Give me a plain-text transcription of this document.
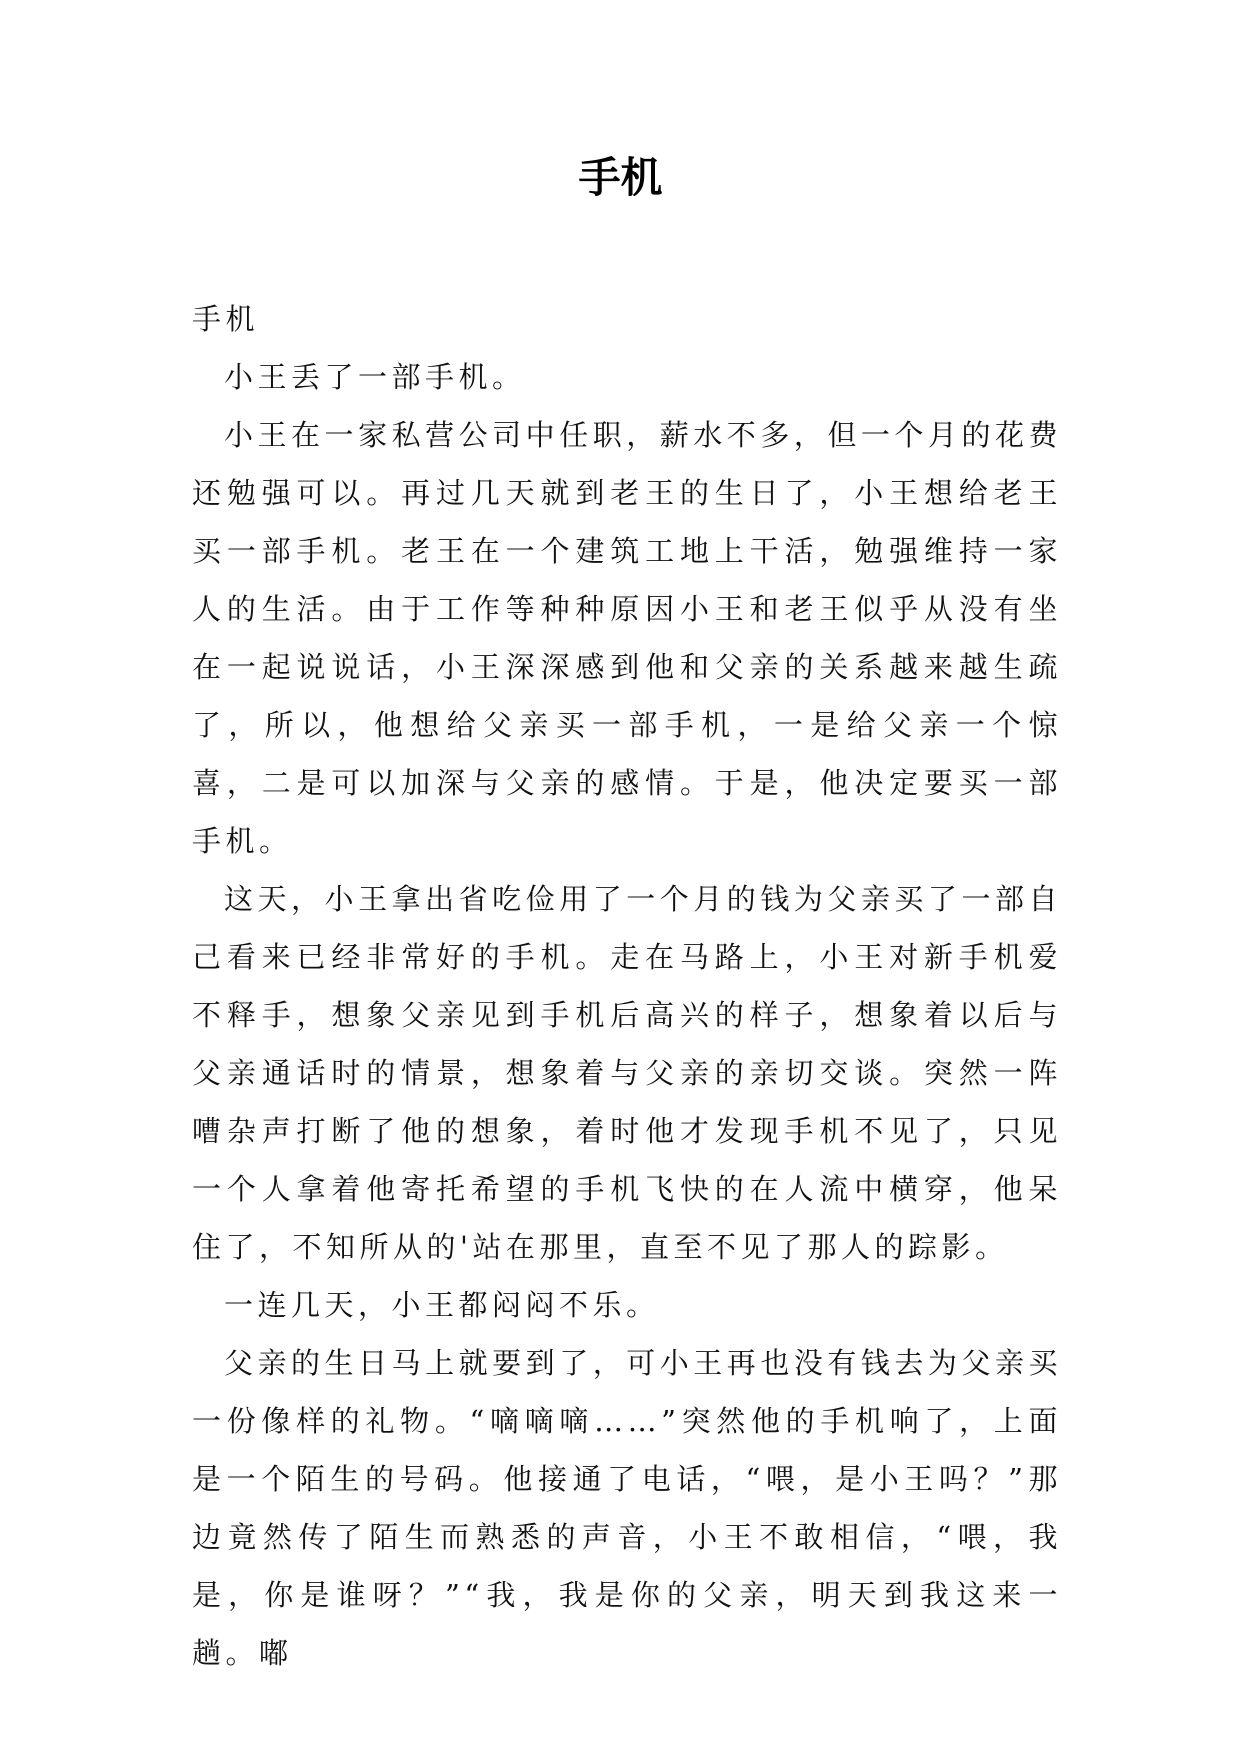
手机

手机

小王丢了一部手机。

小王在一家私营公司中任职，薪水不多，但一个月的花费还勉强可以。再过几天就到老王的生日了，小王想给老王买一部手机。老王在一个建筑工地上干活，勉强维持一家人的生活。由于工作等种种原因小王和老王似乎从没有坐在一起说说话，小王深深感到他和父亲的关系越来越生疏了，所以，他想给父亲买一部手机，一是给父亲一个惊喜，二是可以加深与父亲的感情。于是，他决定要买一部手机。

这天，小王拿出省吃俭用了一个月的钱为父亲买了一部自己看来已经非常好的手机。走在马路上，小王对新手机爱不释手，想象父亲见到手机后高兴的样子，想象着以后与父亲通话时的情景，想象着与父亲的亲切交谈。突然一阵嘈杂声打断了他的想象，着时他才发现手机不见了，只见一个人拿着他寄托希望的手机飞快的在人流中横穿，他呆住了，不知所从的'站在那里，直至不见了那人的踪影。

一连几天，小王都闷闷不乐。

父亲的生日马上就要到了，可小王再也没有钱去为父亲买一份像样的礼物。“嘀嘀嘀……”突然他的手机响了，上面是一个陌生的号码。他接通了电话，“喂，是小王吗？”那边竟然传了陌生而熟悉的声音，小王不敢相信，“喂，我是，你是谁呀？”“我，我是你的父亲，明天到我这来一趟。嘟
